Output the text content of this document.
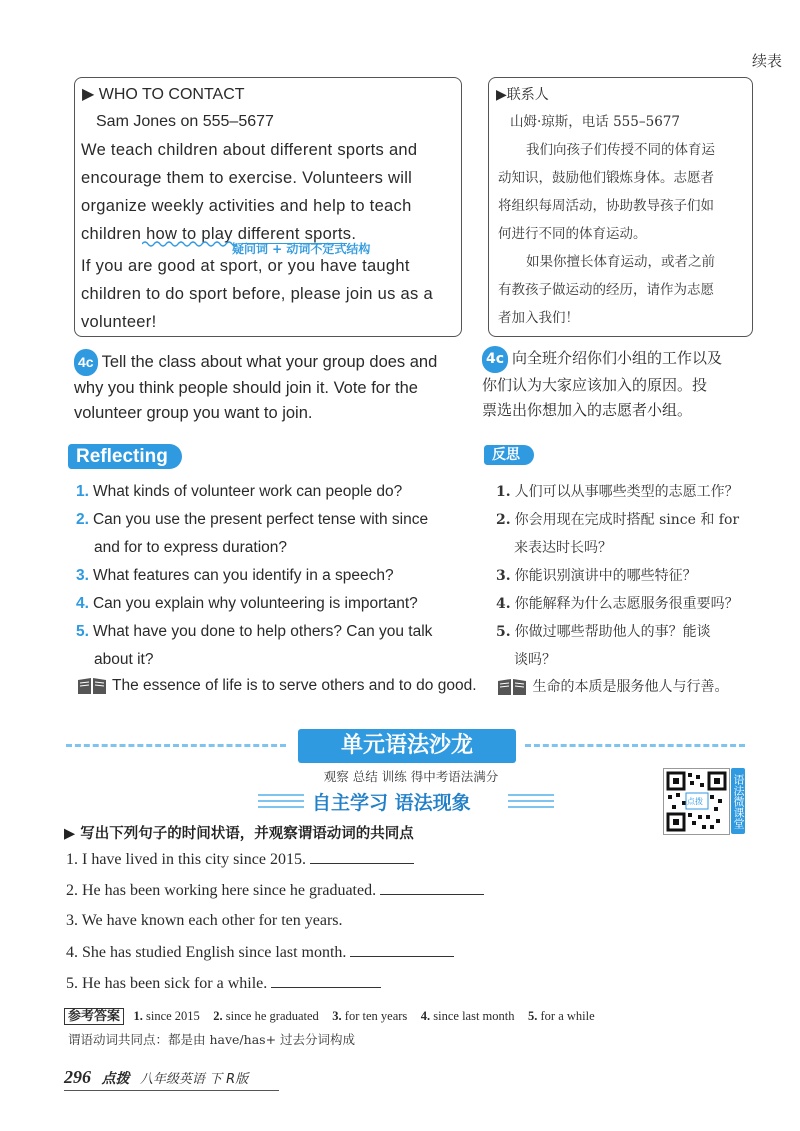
续表
▶ WHO TO CONTACT
Sam Jones on 555–5677
We teach children about different sports and
encourage them to exercise. Volunteers will
organize weekly activities and help to teach
children how to play different sports.
If you are good at sport, or you have taught
children to do sport before, please join us as a
volunteer!
疑问词 + 动词不定式结构
▶联系人
山姆·琼斯，电话 555–5677
我们向孩子们传授不同的体育运
动知识，鼓励他们锻炼身体。志愿者
将组织每周活动，协助教导孩子们如
何进行不同的体育运动。
如果你擅长体育运动，或者之前
有教孩子做运动的经历，请作为志愿
者加入我们！
4c Tell the class about what your group does and
why you think people should join it. Vote for the
volunteer group you want to join.
4c 向全班介绍你们小组的工作以及
你们认为大家应该加入的原因。投
票选出你想加入的志愿者小组。
Reflecting	反思
1. What kinds of volunteer work can people do?
2. Can you use the present perfect tense with since
and for to express duration?
3. What features can you identify in a speech?
4. Can you explain why volunteering is important?
5. What have you done to help others? Can you talk
about it?
1. 人们可以从事哪些类型的志愿工作？
2. 你会用现在完成时搭配 since 和 for
来表达时长吗？
3. 你能识别演讲中的哪些特征？
4. 你能解释为什么志愿服务很重要吗？
5. 你做过哪些帮助他人的事？能谈
谈吗？
The essence of life is to serve others and to do good.	生命的本质是服务他人与行善。
单元语法沙龙
观察 总结 训练 得中考语法满分
自主学习 语法现象	点拨	语法微课堂
▶ 写出下列句子的时间状语，并观察谓语动词的共同点
1. I have lived in this city since 2015.
2. He has been working here since he graduated.
3. We have known each other for ten years.
4. She has studied English since last month.
5. He has been sick for a while.
参考答案 1. since 2015 2. since he graduated 3. for ten years 4. since last month 5. for a while
谓语动词共同点：都是由 have/has+ 过去分词构成
296 点拨 八年级英语 下 R版
